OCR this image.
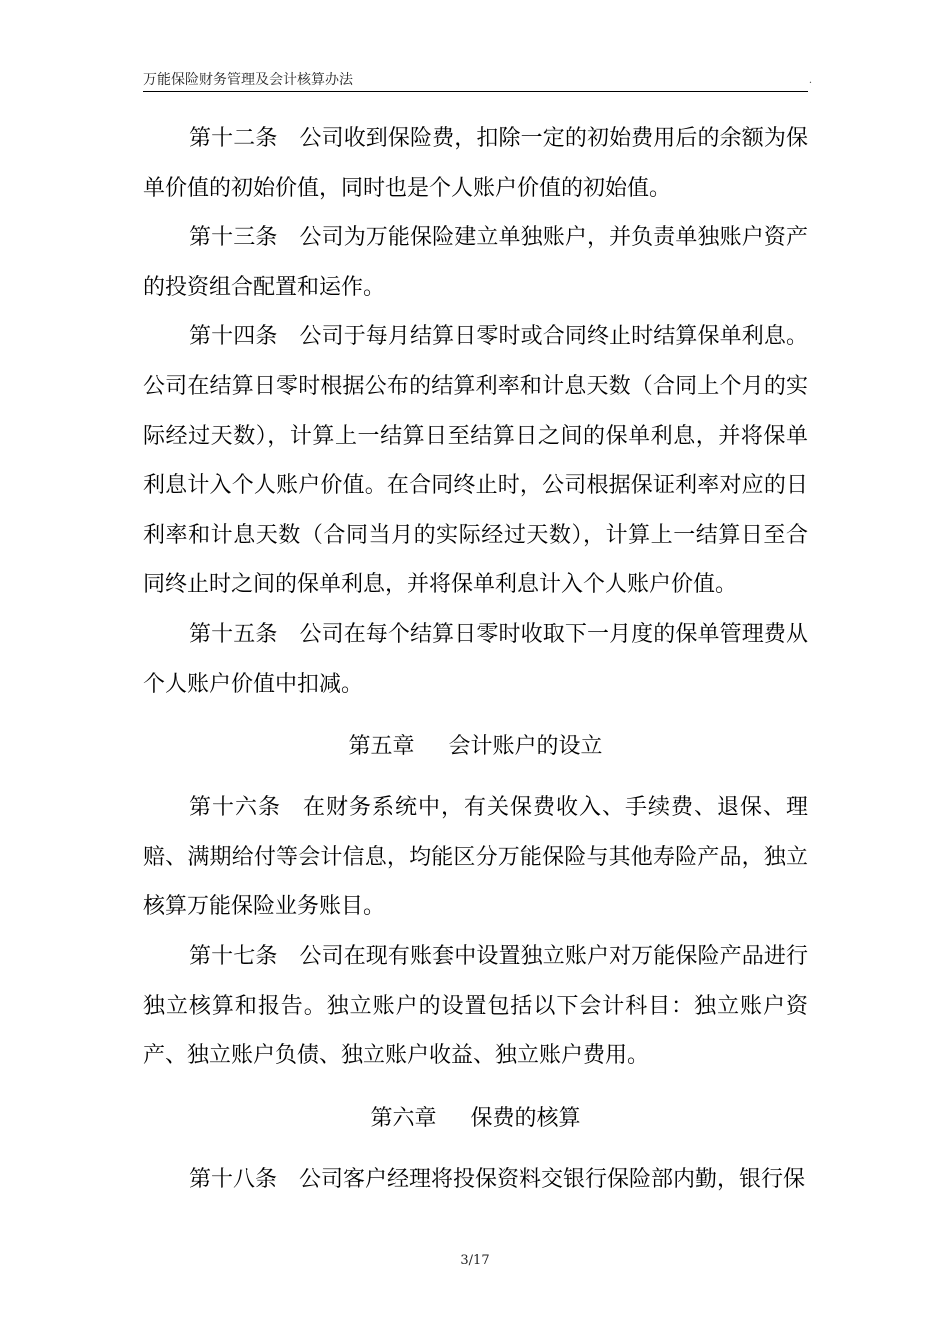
万能保险财务管理及会计核算办法	.

第十二条 公司收到保险费，扣除一定的初始费用后的余额为保单价值的初始价值，同时也是个人账户价值的初始值。

第十三条 公司为万能保险建立单独账户，并负责单独账户资产的投资组合配置和运作。

第十四条 公司于每月结算日零时或合同终止时结算保单利息。公司在结算日零时根据公布的结算利率和计息天数（合同上个月的实际经过天数），计算上一结算日至结算日之间的保单利息，并将保单利息计入个人账户价值。在合同终止时，公司根据保证利率对应的日利率和计息天数（合同当月的实际经过天数），计算上一结算日至合同终止时之间的保单利息，并将保单利息计入个人账户价值。

第十五条 公司在每个结算日零时收取下一月度的保单管理费从个人账户价值中扣减。

第五章 会计账户的设立

第十六条 在财务系统中，有关保费收入、手续费、退保、理赔、满期给付等会计信息，均能区分万能保险与其他寿险产品，独立核算万能保险业务账目。

第十七条 公司在现有账套中设置独立账户对万能保险产品进行独立核算和报告。独立账户的设置包括以下会计科目：独立账户资产、独立账户负债、独立账户收益、独立账户费用。

第六章 保费的核算

第十八条 公司客户经理将投保资料交银行保险部内勤，银行保

3/17
